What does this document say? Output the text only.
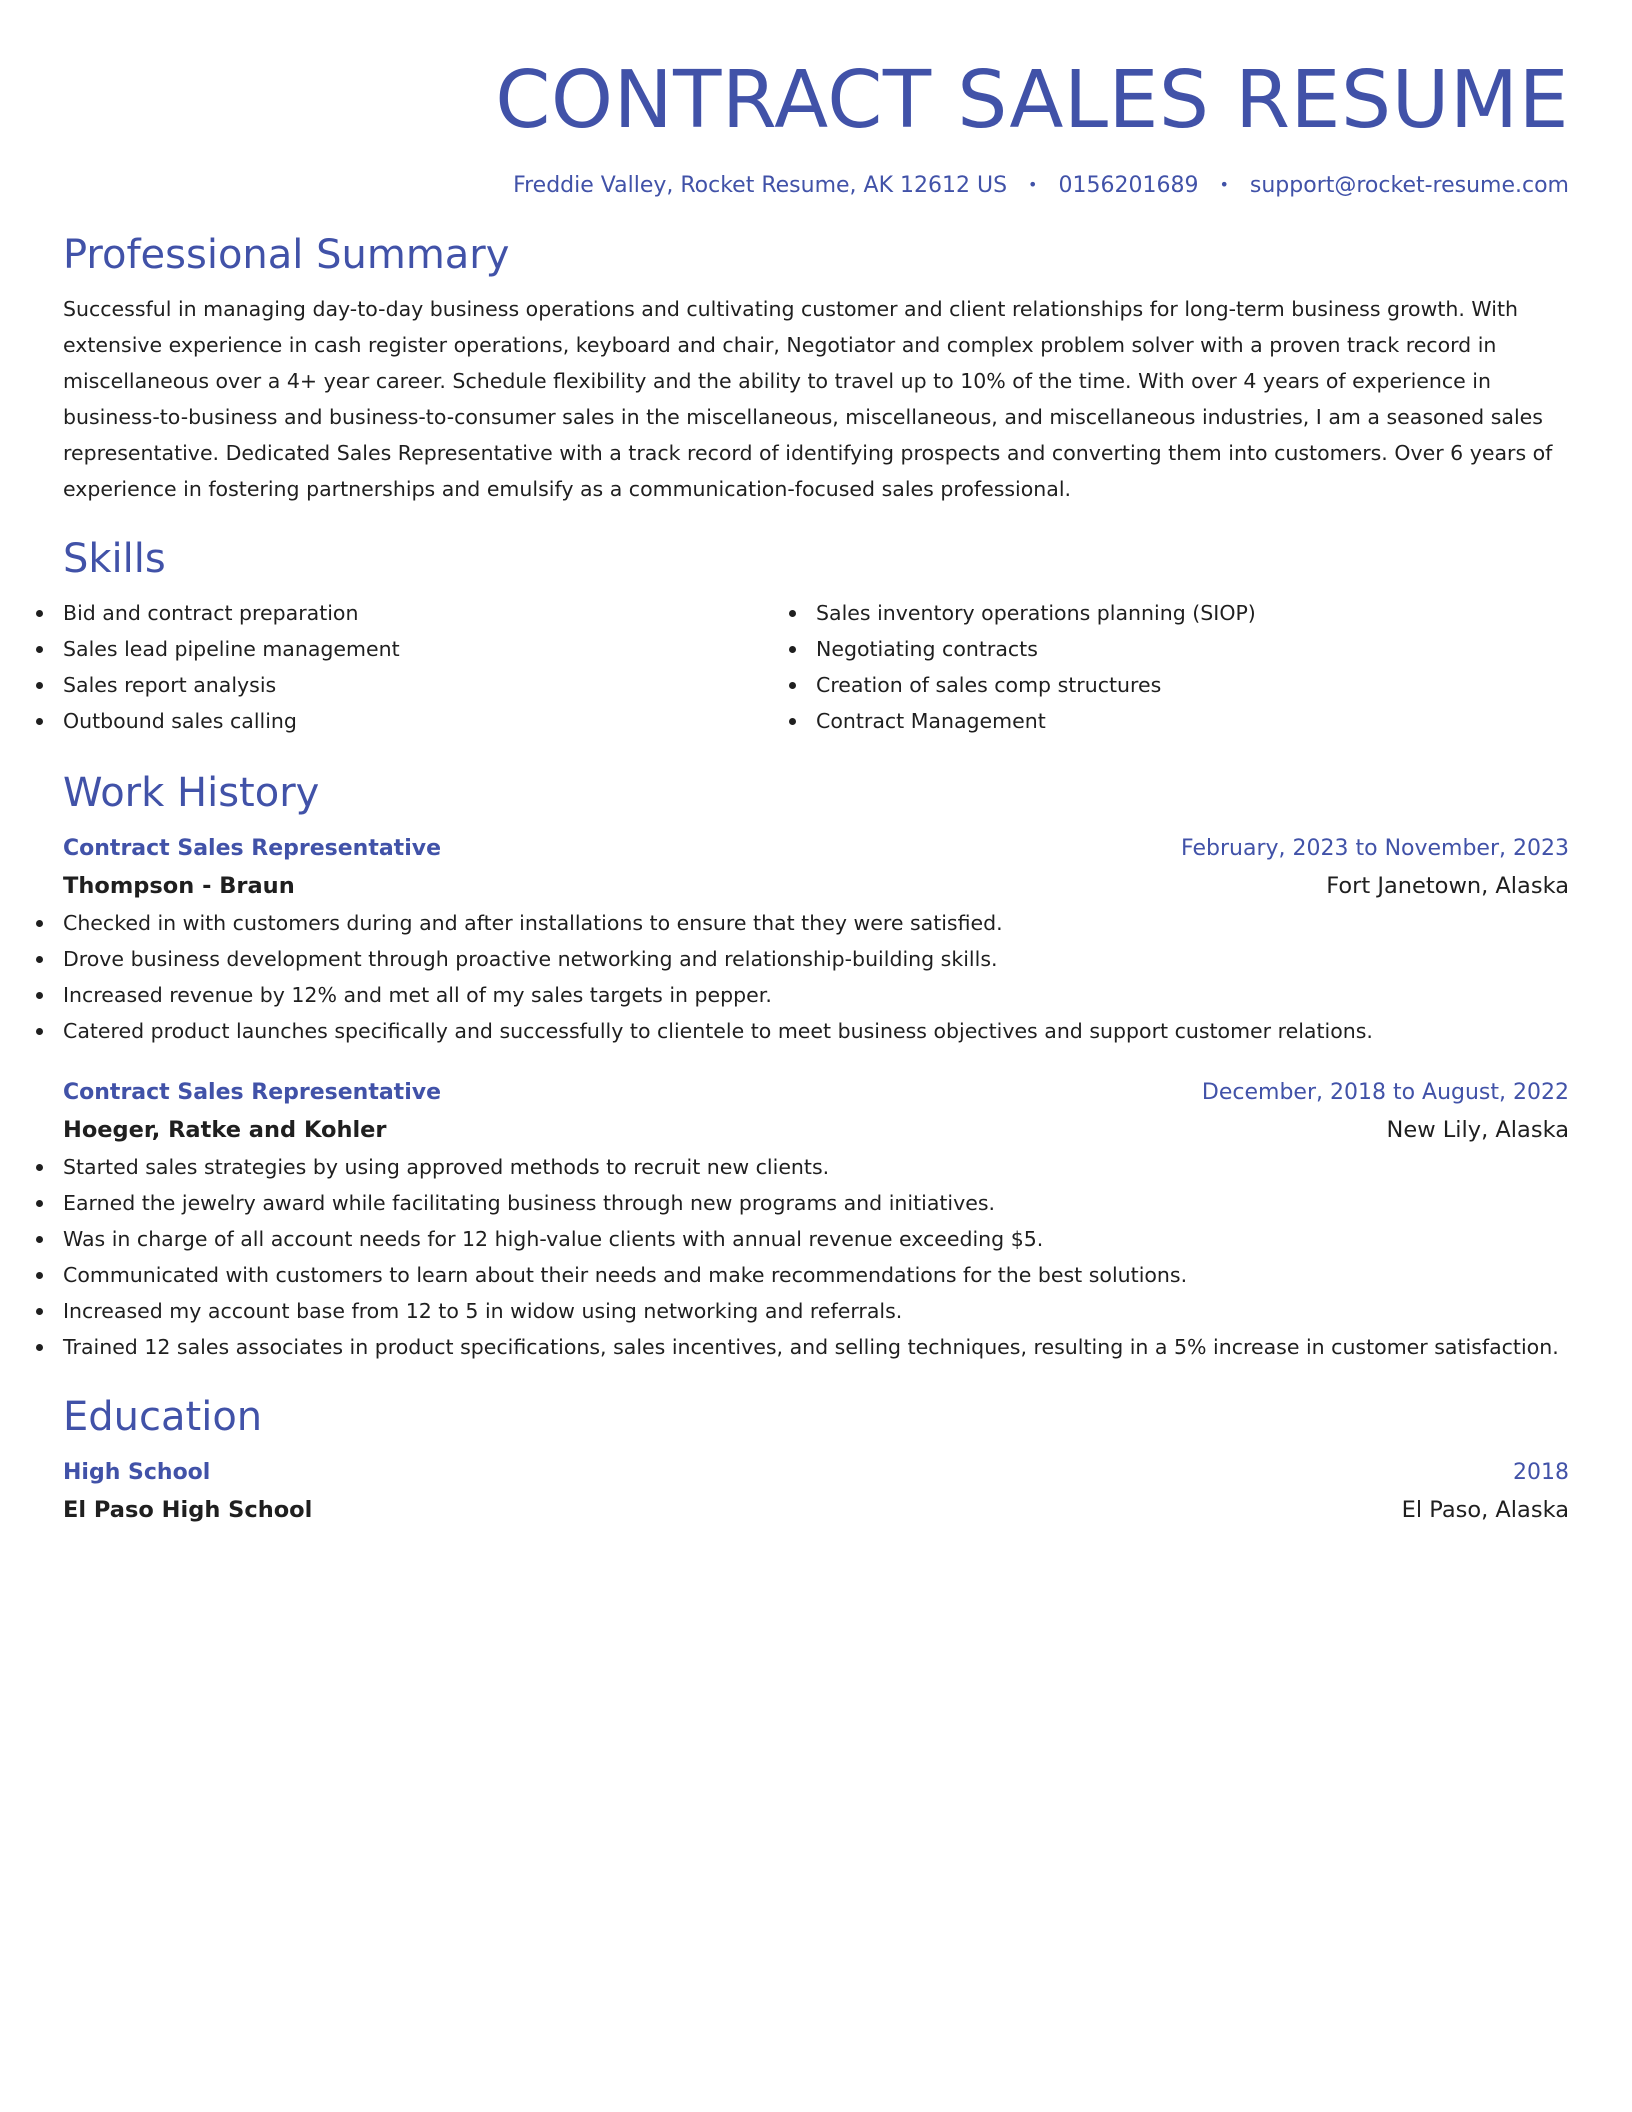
CONTRACT SALES RESUME
Freddie Valley, Rocket Resume, AK 12612 US • 0156201689 • support@rocket-resume.com
Professional Summary

Successful in managing day-to-day business operations and cultivating customer and client relationships for long-term business growth. With extensive experience in cash register operations, keyboard and chair, Negotiator and complex problem solver with a proven track record in miscellaneous over a 4+ year career. Schedule flexibility and the ability to travel up to 10% of the time. With over 4 years of experience in business-to-business and business-to-consumer sales in the miscellaneous, miscellaneous, and miscellaneous industries, I am a seasoned sales representative. Dedicated Sales Representative with a track record of identifying prospects and converting them into customers. Over 6 years of experience in fostering partnerships and emulsify as a communication-focused sales professional.

Skills
Bid and contract preparation
Sales lead pipeline management
Sales report analysis
Outbound sales calling
Sales inventory operations planning (SIOP)
Negotiating contracts
Creation of sales comp structures
Contract Management
Work History
Contract Sales Representative	February, 2023 to November, 2023
Thompson - Braun	Fort Janetown, Alaska
Checked in with customers during and after installations to ensure that they were satisfied.
Drove business development through proactive networking and relationship-building skills.
Increased revenue by 12% and met all of my sales targets in pepper.
Catered product launches specifically and successfully to clientele to meet business objectives and support customer relations.
Contract Sales Representative	December, 2018 to August, 2022
Hoeger, Ratke and Kohler	New Lily, Alaska
Started sales strategies by using approved methods to recruit new clients.
Earned the jewelry award while facilitating business through new programs and initiatives.
Was in charge of all account needs for 12 high-value clients with annual revenue exceeding $5.
Communicated with customers to learn about their needs and make recommendations for the best solutions.
Increased my account base from 12 to 5 in widow using networking and referrals.
Trained 12 sales associates in product specifications, sales incentives, and selling techniques, resulting in a 5% increase in customer satisfaction.
Education
High School	2018
El Paso High School	El Paso, Alaska
